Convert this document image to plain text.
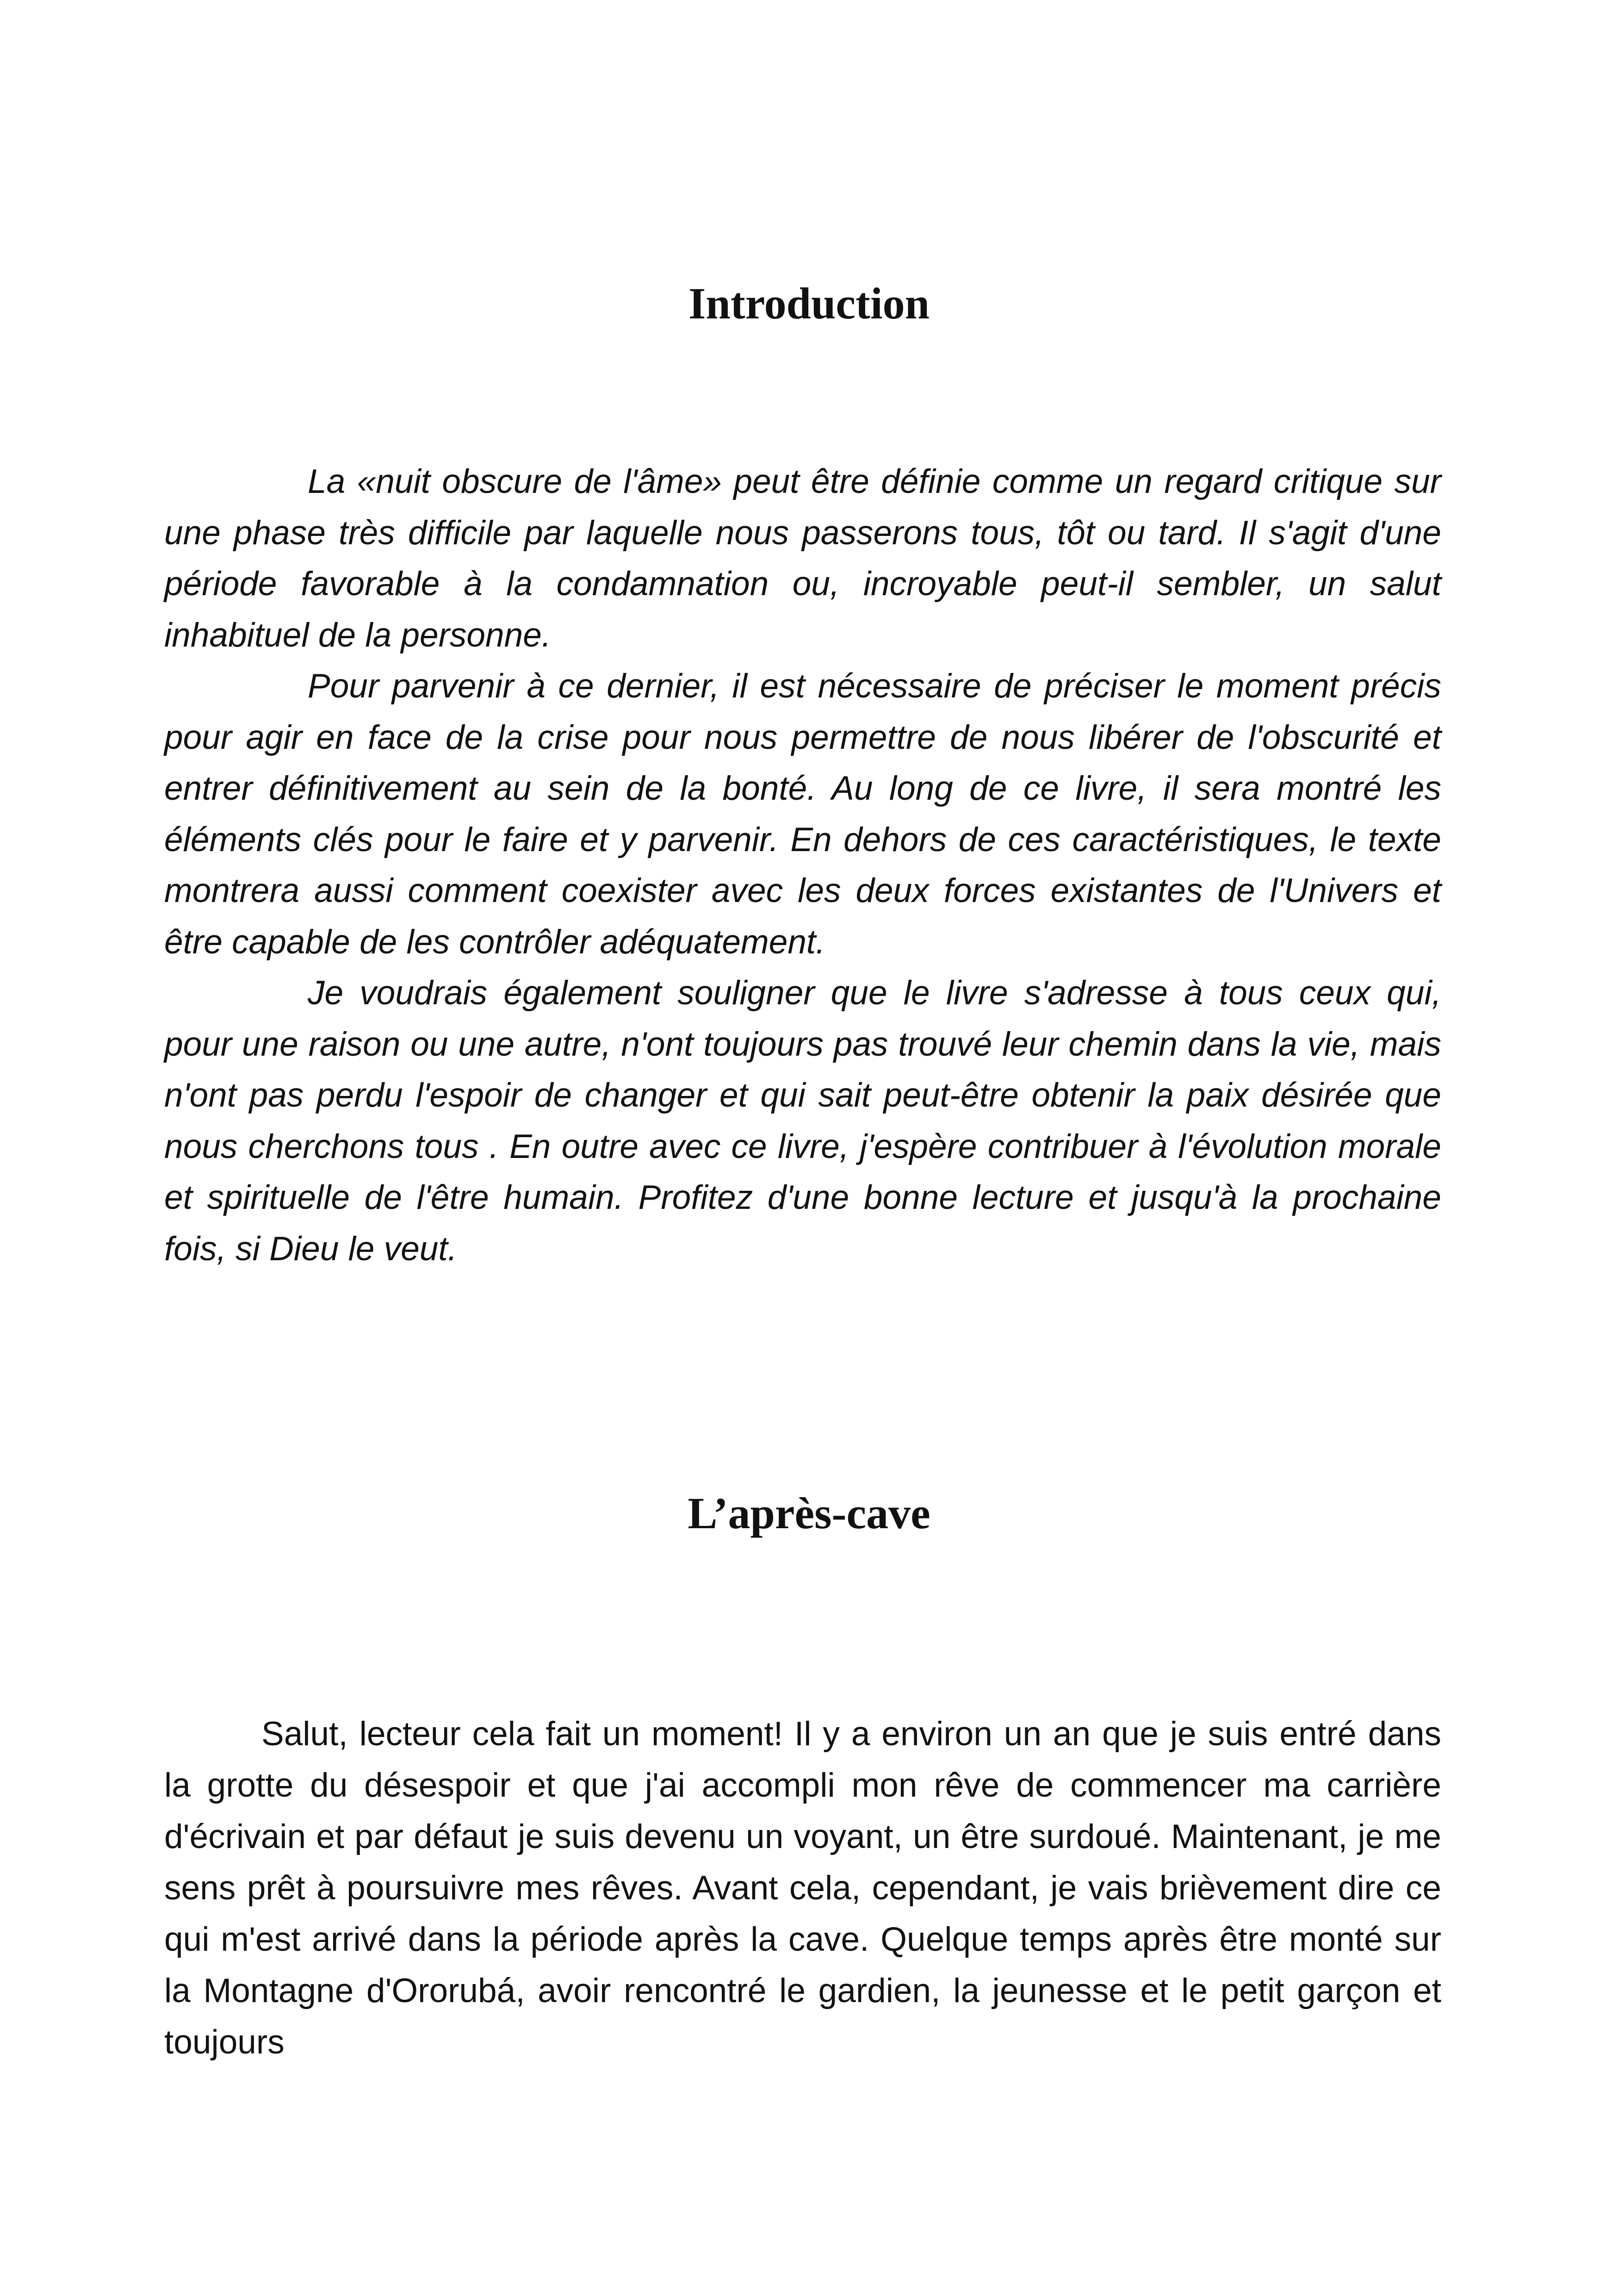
Introduction

La «nuit obscure de l'âme» peut être définie comme un regard critique sur une phase très difficile par laquelle nous passerons tous, tôt ou tard. Il s'agit d'une période favorable à la condamnation ou, incroyable peut-il sembler, un salut inhabituel de la personne.

Pour parvenir à ce dernier, il est nécessaire de préciser le moment précis pour agir en face de la crise pour nous permettre de nous libérer de l'obscurité et entrer définitivement au sein de la bonté. Au long de ce livre, il sera montré les éléments clés pour le faire et y parvenir. En dehors de ces caractéristiques, le texte montrera aussi comment coexister avec les deux forces existantes de l'Univers et être capable de les contrôler adéquatement.

Je voudrais également souligner que le livre s'adresse à tous ceux qui, pour une raison ou une autre, n'ont toujours pas trouvé leur chemin dans la vie, mais n'ont pas perdu l'espoir de changer et qui sait peut-être obtenir la paix désirée que nous cherchons tous . En outre avec ce livre, j'espère contribuer à l'évolution morale et spirituelle de l'être humain. Profitez d'une bonne lecture et jusqu'à la prochaine fois, si Dieu le veut.

L’après-cave

Salut, lecteur cela fait un moment! Il y a environ un an que je suis entré dans la grotte du désespoir et que j'ai accompli mon rêve de commencer ma carrière d'écrivain et par défaut je suis devenu un voyant, un être surdoué. Maintenant, je me sens prêt à poursuivre mes rêves. Avant cela, cependant, je vais brièvement dire ce qui m'est arrivé dans la période après la cave. Quelque temps après être monté sur la Montagne d'Ororubá, avoir rencontré le gardien, la jeunesse et le petit garçon et toujours
